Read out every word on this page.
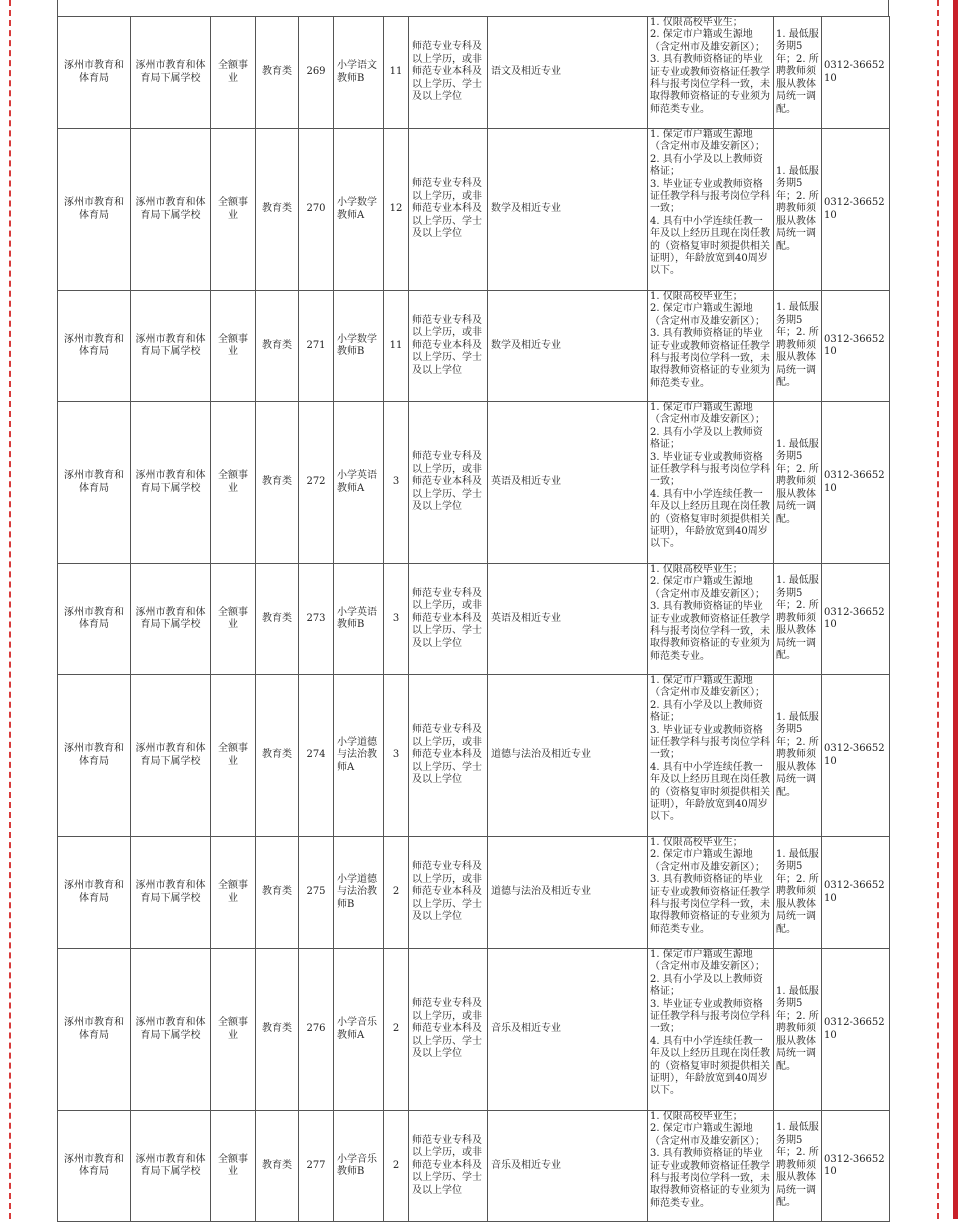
涿州市教育和体育局	涿州市教育和体育局下属学校	全额事业	教育类	269	小学语文教师B	11	师范专业专科及以上学历，或非师范专业本科及以上学历、学士及以上学位	语文及相近专业	1. 仅限高校毕业生；
2. 保定市户籍或生源地（含定州市及雄安新区）；
3. 具有教师资格证的毕业证专业或教师资格证任教学科与报考岗位学科一致，未取得教师资格证的专业须为师范类专业。	1. 最低服务期5年；2. 所聘教师须服从教体局统一调配。	0312-3665210
涿州市教育和体育局	涿州市教育和体育局下属学校	全额事业	教育类	270	小学数学教师A	12	师范专业专科及以上学历，或非师范专业本科及以上学历、学士及以上学位	数学及相近专业	1. 保定市户籍或生源地（含定州市及雄安新区）；
2. 具有小学及以上教师资格证；
3. 毕业证专业或教师资格证任教学科与报考岗位学科一致；
4. 具有中小学连续任教一年及以上经历且现在岗任教的（资格复审时须提供相关证明），年龄放宽到40周岁以下。	1. 最低服务期5年；2. 所聘教师须服从教体局统一调配。	0312-3665210
涿州市教育和体育局	涿州市教育和体育局下属学校	全额事业	教育类	271	小学数学教师B	11	师范专业专科及以上学历，或非师范专业本科及以上学历、学士及以上学位	数学及相近专业	1. 仅限高校毕业生；
2. 保定市户籍或生源地（含定州市及雄安新区）；
3. 具有教师资格证的毕业证专业或教师资格证任教学科与报考岗位学科一致，未取得教师资格证的专业须为师范类专业。	1. 最低服务期5年；2. 所聘教师须服从教体局统一调配。	0312-3665210
涿州市教育和体育局	涿州市教育和体育局下属学校	全额事业	教育类	272	小学英语教师A	3	师范专业专科及以上学历，或非师范专业本科及以上学历、学士及以上学位	英语及相近专业	1. 保定市户籍或生源地（含定州市及雄安新区）；
2. 具有小学及以上教师资格证；
3. 毕业证专业或教师资格证任教学科与报考岗位学科一致；
4. 具有中小学连续任教一年及以上经历且现在岗任教的（资格复审时须提供相关证明），年龄放宽到40周岁以下。	1. 最低服务期5年；2. 所聘教师须服从教体局统一调配。	0312-3665210
涿州市教育和体育局	涿州市教育和体育局下属学校	全额事业	教育类	273	小学英语教师B	3	师范专业专科及以上学历，或非师范专业本科及以上学历、学士及以上学位	英语及相近专业	1. 仅限高校毕业生；
2. 保定市户籍或生源地（含定州市及雄安新区）；
3. 具有教师资格证的毕业证专业或教师资格证任教学科与报考岗位学科一致，未取得教师资格证的专业须为师范类专业。	1. 最低服务期5年；2. 所聘教师须服从教体局统一调配。	0312-3665210
涿州市教育和体育局	涿州市教育和体育局下属学校	全额事业	教育类	274	小学道德与法治教师A	3	师范专业专科及以上学历，或非师范专业本科及以上学历、学士及以上学位	道德与法治及相近专业	1. 保定市户籍或生源地（含定州市及雄安新区）；
2. 具有小学及以上教师资格证；
3. 毕业证专业或教师资格证任教学科与报考岗位学科一致；
4. 具有中小学连续任教一年及以上经历且现在岗任教的（资格复审时须提供相关证明），年龄放宽到40周岁以下。	1. 最低服务期5年；2. 所聘教师须服从教体局统一调配。	0312-3665210
涿州市教育和体育局	涿州市教育和体育局下属学校	全额事业	教育类	275	小学道德与法治教师B	2	师范专业专科及以上学历，或非师范专业本科及以上学历、学士及以上学位	道德与法治及相近专业	1. 仅限高校毕业生；
2. 保定市户籍或生源地（含定州市及雄安新区）；
3. 具有教师资格证的毕业证专业或教师资格证任教学科与报考岗位学科一致，未取得教师资格证的专业须为师范类专业。	1. 最低服务期5年；2. 所聘教师须服从教体局统一调配。	0312-3665210
涿州市教育和体育局	涿州市教育和体育局下属学校	全额事业	教育类	276	小学音乐教师A	2	师范专业专科及以上学历，或非师范专业本科及以上学历、学士及以上学位	音乐及相近专业	1. 保定市户籍或生源地（含定州市及雄安新区）；
2. 具有小学及以上教师资格证；
3. 毕业证专业或教师资格证任教学科与报考岗位学科一致；
4. 具有中小学连续任教一年及以上经历且现在岗任教的（资格复审时须提供相关证明），年龄放宽到40周岁以下。	1. 最低服务期5年；2. 所聘教师须服从教体局统一调配。	0312-3665210
涿州市教育和体育局	涿州市教育和体育局下属学校	全额事业	教育类	277	小学音乐教师B	2	师范专业专科及以上学历，或非师范专业本科及以上学历、学士及以上学位	音乐及相近专业	1. 仅限高校毕业生；
2. 保定市户籍或生源地（含定州市及雄安新区）；
3. 具有教师资格证的毕业证专业或教师资格证任教学科与报考岗位学科一致，未取得教师资格证的专业须为师范类专业。	1. 最低服务期5年；2. 所聘教师须服从教体局统一调配。	0312-3665210
